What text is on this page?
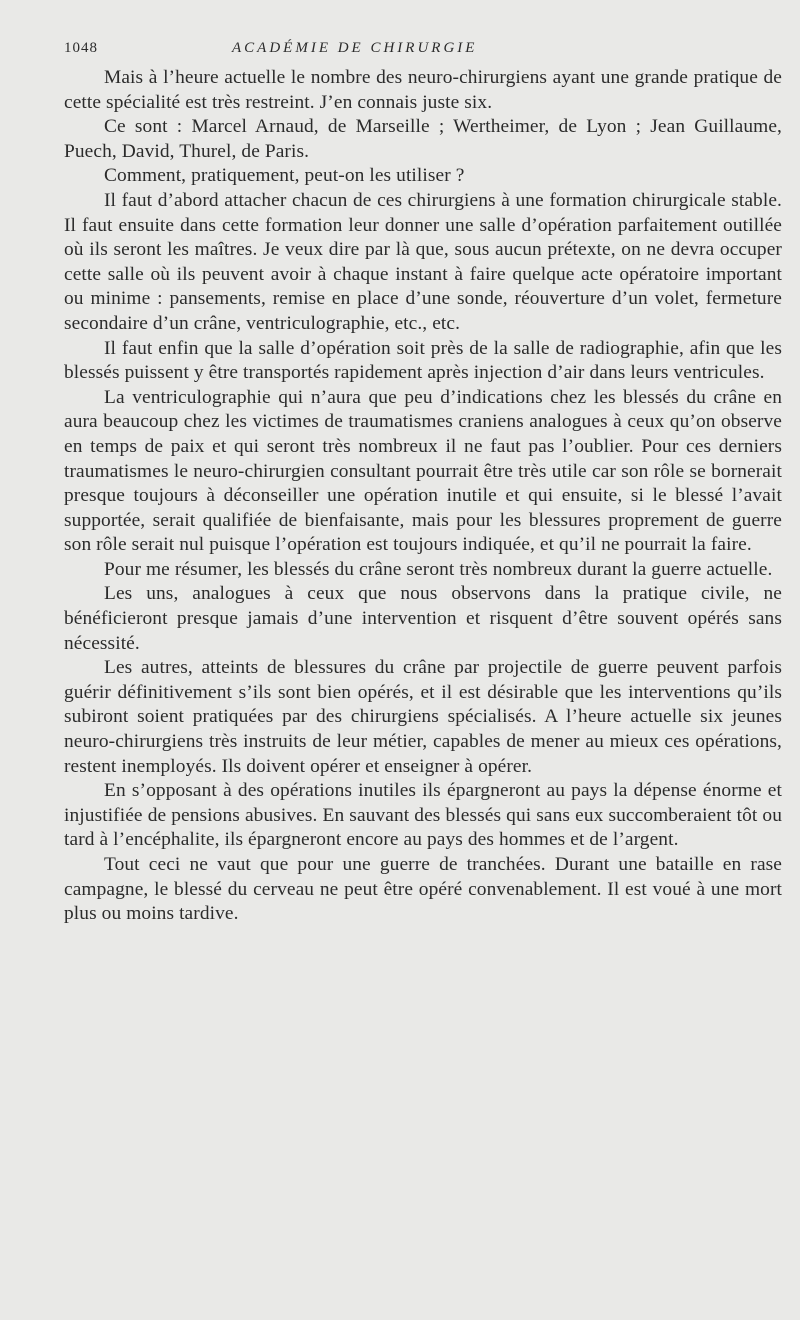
1048	ACADÉMIE DE CHIRURGIE

Mais à l’heure actuelle le nombre des neuro-chirurgiens ayant une grande pratique de cette spécialité est très restreint. J’en connais juste six.

Ce sont : Marcel Arnaud, de Marseille ; Wertheimer, de Lyon ; Jean Guillaume, Puech, David, Thurel, de Paris.

Comment, pratiquement, peut-on les utiliser ?

Il faut d’abord attacher chacun de ces chirurgiens à une formation chirurgicale stable. Il faut ensuite dans cette formation leur donner une salle d’opération parfaitement outillée où ils seront les maîtres. Je veux dire par là que, sous aucun prétexte, on ne devra occuper cette salle où ils peuvent avoir à chaque instant à faire quelque acte opératoire important ou minime : pansements, remise en place d’une sonde, réouverture d’un volet, fermeture secondaire d’un crâne, ventriculographie, etc., etc.

Il faut enfin que la salle d’opération soit près de la salle de radiographie, afin que les blessés puissent y être transportés rapidement après injection d’air dans leurs ventricules.

La ventriculographie qui n’aura que peu d’indications chez les blessés du crâne en aura beaucoup chez les victimes de traumatismes craniens analogues à ceux qu’on observe en temps de paix et qui seront très nombreux il ne faut pas l’oublier. Pour ces derniers traumatismes le neuro-chirurgien consultant pourrait être très utile car son rôle se bornerait presque toujours à déconseiller une opération inutile et qui ensuite, si le blessé l’avait supportée, serait qualifiée de bienfaisante, mais pour les blessures proprement de guerre son rôle serait nul puisque l’opération est toujours indiquée, et qu’il ne pourrait la faire.

Pour me résumer, les blessés du crâne seront très nombreux durant la guerre actuelle.

Les uns, analogues à ceux que nous observons dans la pratique civile, ne bénéficieront presque jamais d’une intervention et risquent d’être souvent opérés sans nécessité.

Les autres, atteints de blessures du crâne par projectile de guerre peuvent parfois guérir définitivement s’ils sont bien opérés, et il est désirable que les interventions qu’ils subiront soient pratiquées par des chirurgiens spécialisés. A l’heure actuelle six jeunes neuro-chirurgiens très instruits de leur métier, capables de mener au mieux ces opérations, restent inemployés. Ils doivent opérer et enseigner à opérer.

En s’opposant à des opérations inutiles ils épargneront au pays la dépense énorme et injustifiée de pensions abusives. En sauvant des blessés qui sans eux succomberaient tôt ou tard à l’encéphalite, ils épargneront encore au pays des hommes et de l’argent.

Tout ceci ne vaut que pour une guerre de tranchées. Durant une bataille en rase campagne, le blessé du cerveau ne peut être opéré convenablement. Il est voué à une mort plus ou moins tardive.
